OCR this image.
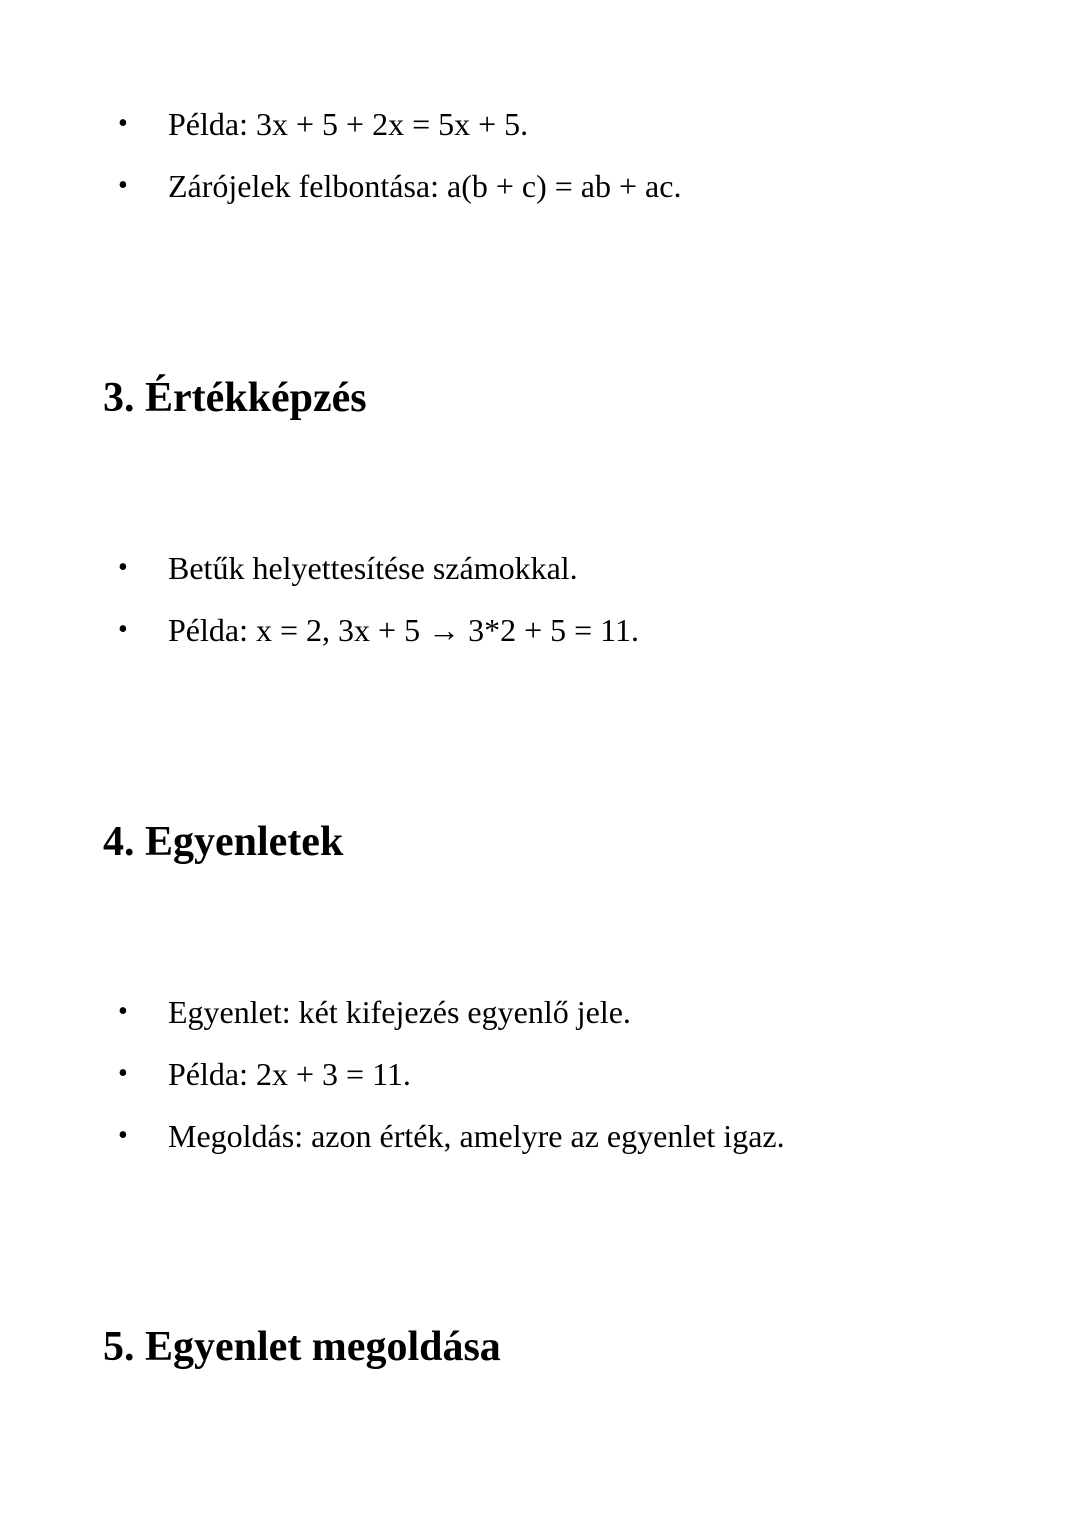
• Példa: 3x + 5 + 2x = 5x + 5.
• Zárójelek felbontása: a(b + c) = ab + ac.
3. Értékképzés
• Betűk helyettesítése számokkal.
• Példa: x = 2, 3x + 5 → 3*2 + 5 = 11.
4. Egyenletek
• Egyenlet: két kifejezés egyenlő jele.
• Példa: 2x + 3 = 11.
• Megoldás: azon érték, amelyre az egyenlet igaz.
5. Egyenlet megoldása
